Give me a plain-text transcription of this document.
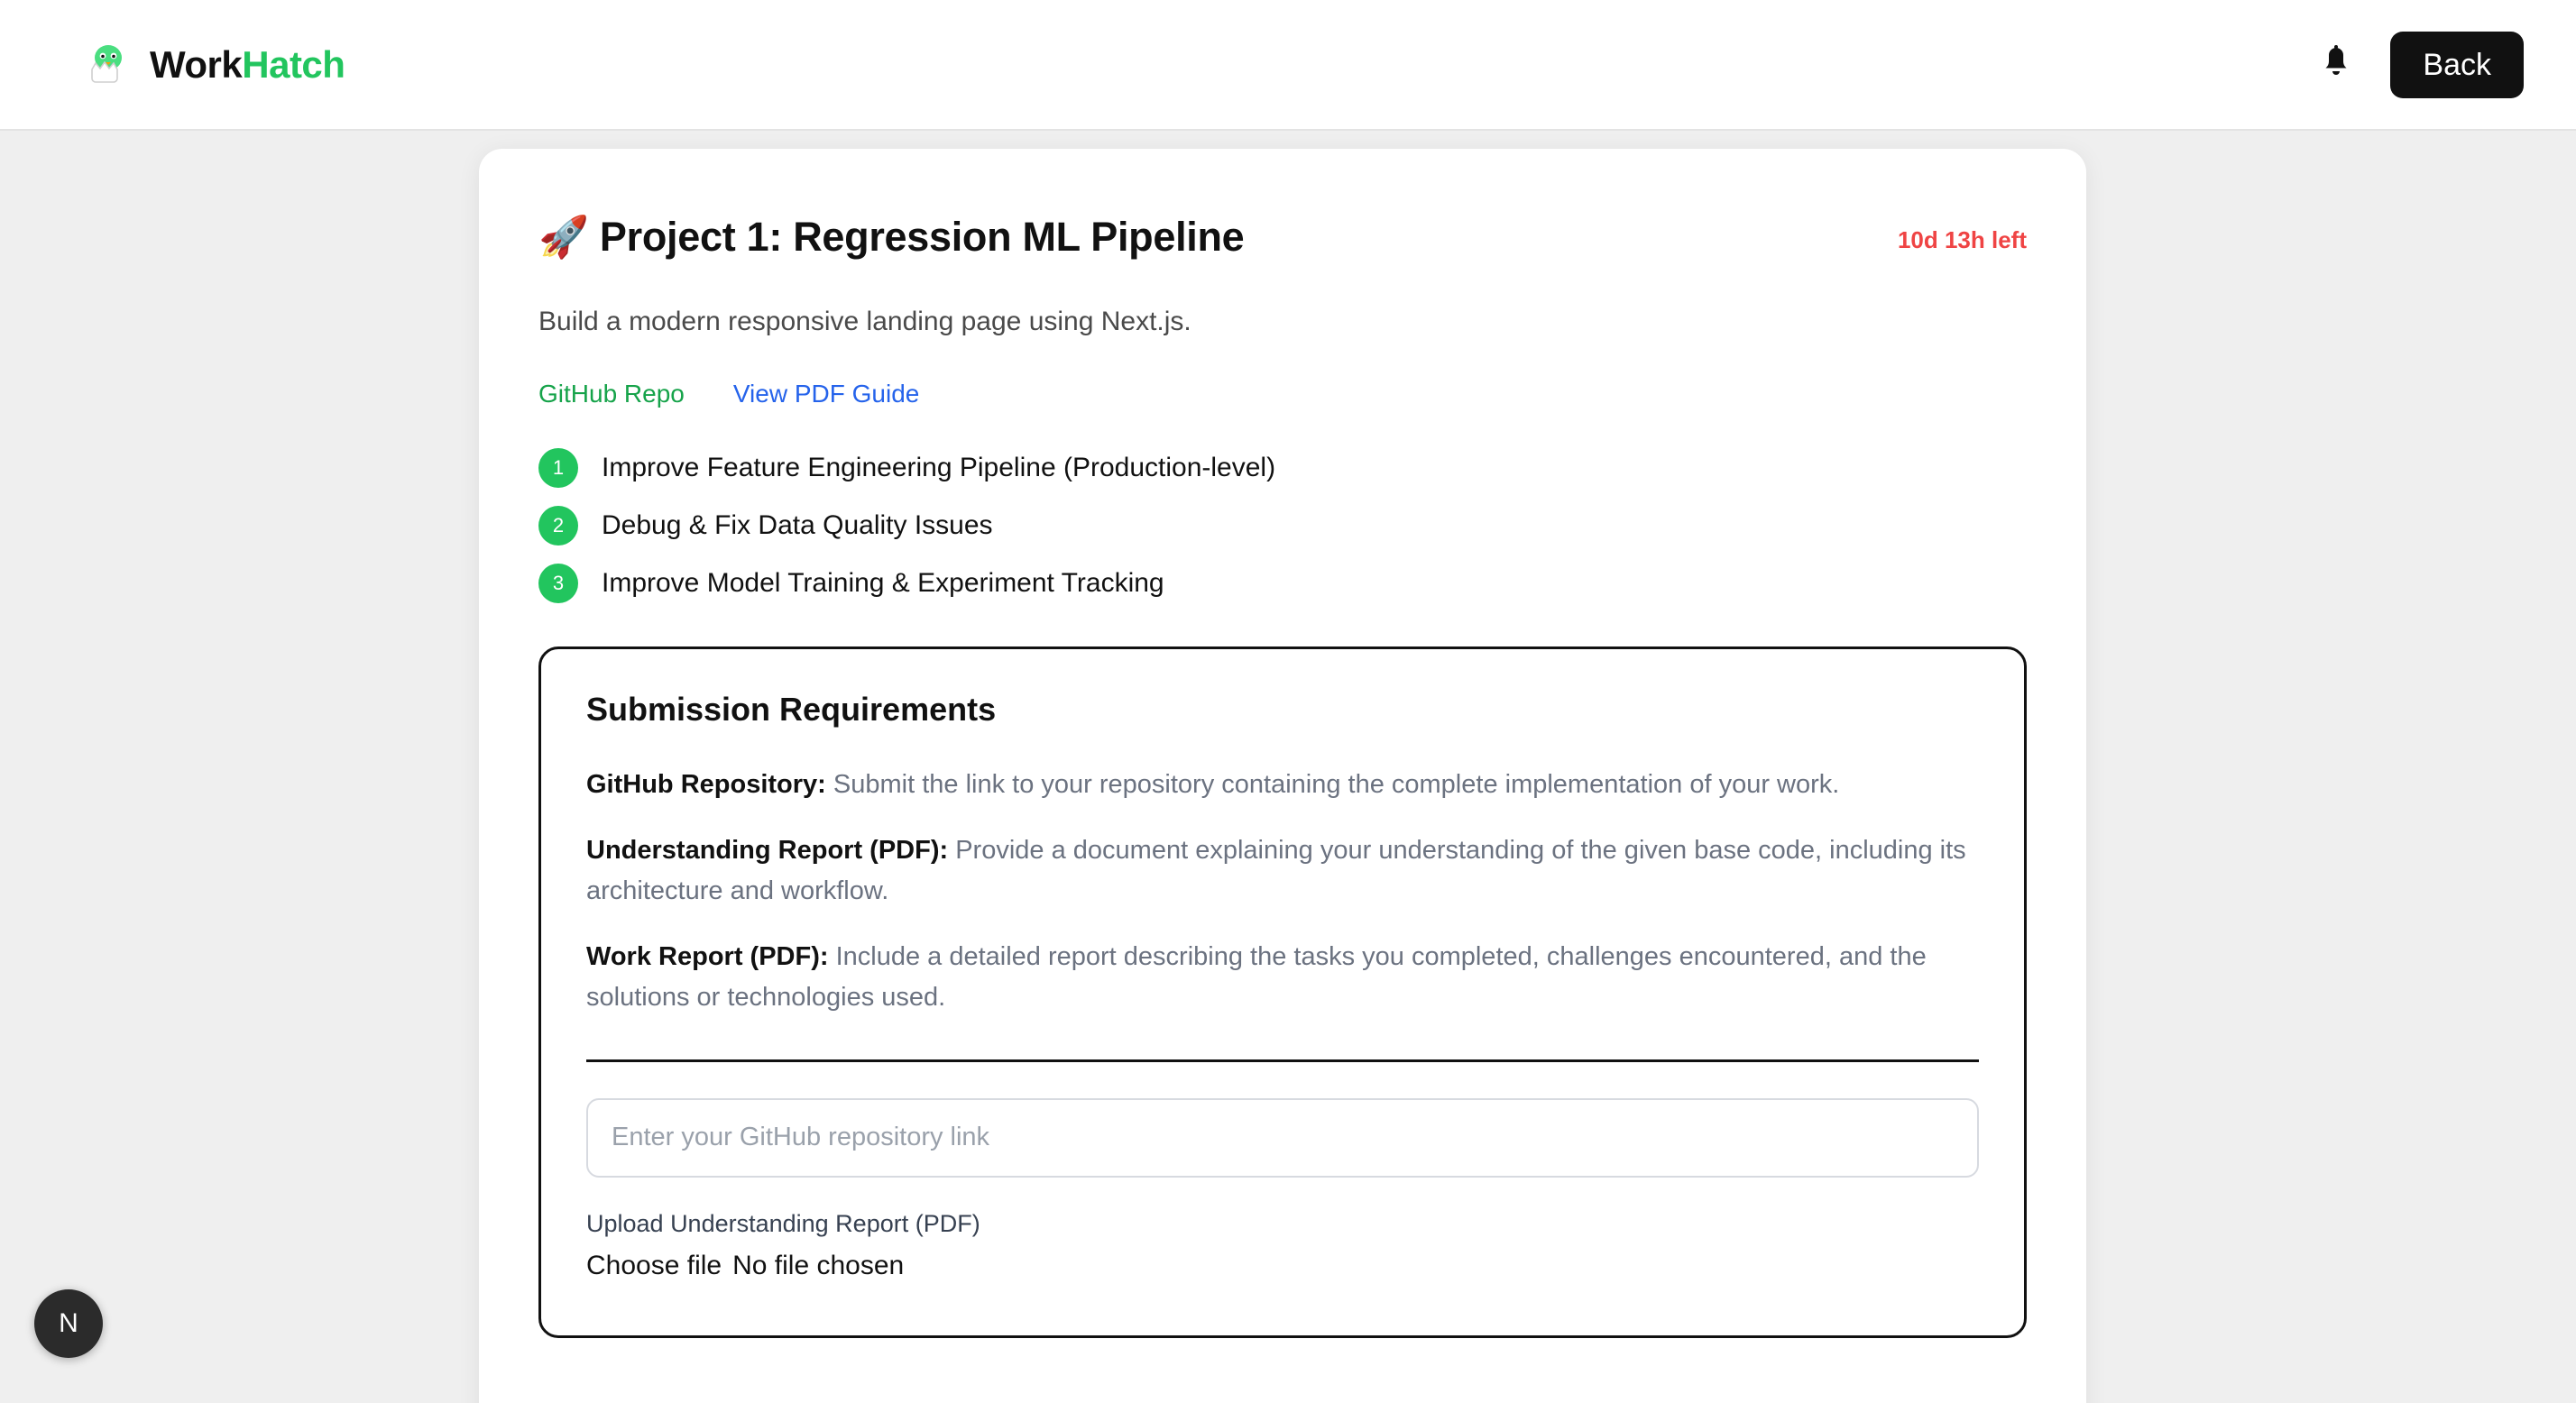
WorkHatch	Back
🚀 Project 1: Regression ML Pipeline	10d 13h left

Build a modern responsive landing page using Next.js.

GitHub Repo View PDF Guide
1	Improve Feature Engineering Pipeline (Production-level)
2	Debug & Fix Data Quality Issues
3	Improve Model Training & Experiment Tracking
Submission Requirements

GitHub Repository: Submit the link to your repository containing the complete implementation of your work.

Understanding Report (PDF): Provide a document explaining your understanding of the given base code, including its architecture and workflow.

Work Report (PDF): Include a detailed report describing the tasks you completed, challenges encountered, and the solutions or technologies used.

Enter your GitHub repository link
Upload Understanding Report (PDF)
Choose file No file chosen
N
